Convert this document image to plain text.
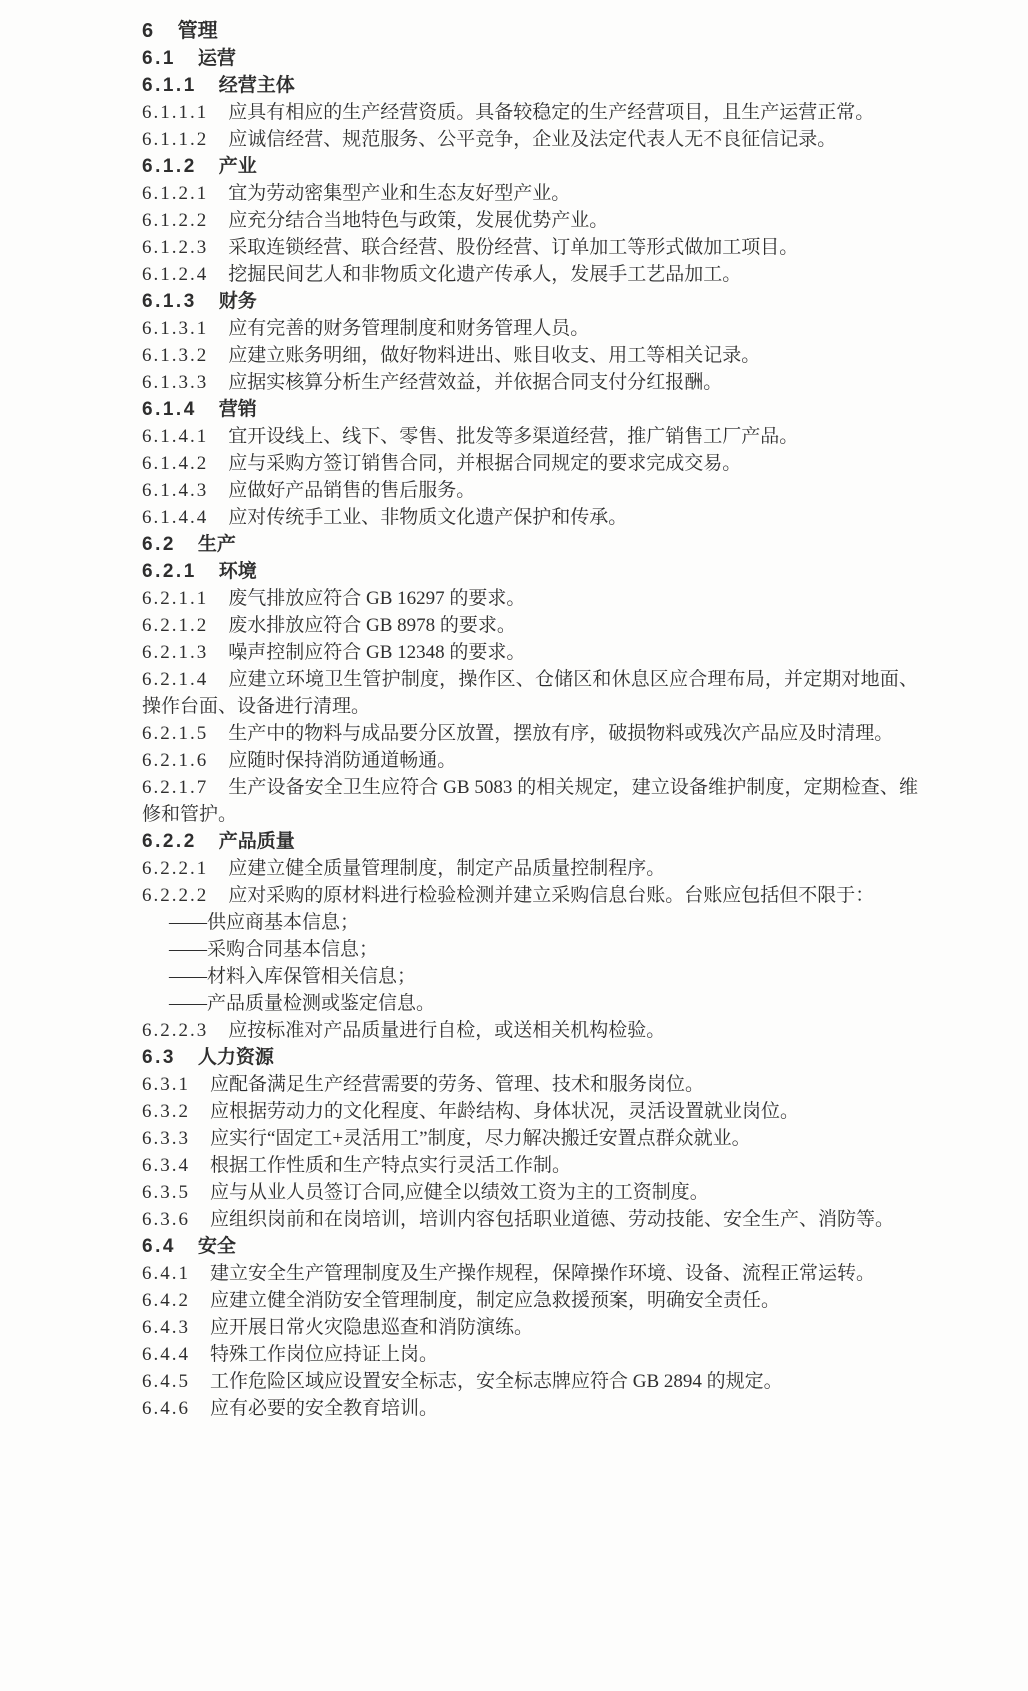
6 管理

6.1 运营

6.1.1 经营主体

6.1.1.1 应具有相应的生产经营资质。具备较稳定的生产经营项目，且生产运营正常。

6.1.1.2 应诚信经营、规范服务、公平竞争，企业及法定代表人无不良征信记录。

6.1.2 产业

6.1.2.1 宜为劳动密集型产业和生态友好型产业。

6.1.2.2 应充分结合当地特色与政策，发展优势产业。

6.1.2.3 采取连锁经营、联合经营、股份经营、订单加工等形式做加工项目。

6.1.2.4 挖掘民间艺人和非物质文化遗产传承人，发展手工艺品加工。

6.1.3 财务

6.1.3.1 应有完善的财务管理制度和财务管理人员。

6.1.3.2 应建立账务明细，做好物料进出、账目收支、用工等相关记录。

6.1.3.3 应据实核算分析生产经营效益，并依据合同支付分红报酬。

6.1.4 营销

6.1.4.1 宜开设线上、线下、零售、批发等多渠道经营，推广销售工厂产品。

6.1.4.2 应与采购方签订销售合同，并根据合同规定的要求完成交易。

6.1.4.3 应做好产品销售的售后服务。

6.1.4.4 应对传统手工业、非物质文化遗产保护和传承。

6.2 生产

6.2.1 环境

6.2.1.1 废气排放应符合 GB 16297 的要求。

6.2.1.2 废水排放应符合 GB 8978 的要求。

6.2.1.3 噪声控制应符合 GB 12348 的要求。

6.2.1.4 应建立环境卫生管护制度，操作区、仓储区和休息区应合理布局，并定期对地面、操作台面、设备进行清理。

6.2.1.5 生产中的物料与成品要分区放置，摆放有序，破损物料或残次产品应及时清理。

6.2.1.6 应随时保持消防通道畅通。

6.2.1.7 生产设备安全卫生应符合 GB 5083 的相关规定，建立设备维护制度，定期检查、维修和管护。

6.2.2 产品质量

6.2.2.1 应建立健全质量管理制度，制定产品质量控制程序。

6.2.2.2 应对采购的原材料进行检验检测并建立采购信息台账。台账应包括但不限于：

——供应商基本信息；

——采购合同基本信息；

——材料入库保管相关信息；

——产品质量检测或鉴定信息。

6.2.2.3 应按标准对产品质量进行自检，或送相关机构检验。

6.3 人力资源

6.3.1 应配备满足生产经营需要的劳务、管理、技术和服务岗位。

6.3.2 应根据劳动力的文化程度、年龄结构、身体状况，灵活设置就业岗位。

6.3.3 应实行“固定工+灵活用工”制度，尽力解决搬迁安置点群众就业。

6.3.4 根据工作性质和生产特点实行灵活工作制。

6.3.5 应与从业人员签订合同,应健全以绩效工资为主的工资制度。

6.3.6 应组织岗前和在岗培训，培训内容包括职业道德、劳动技能、安全生产、消防等。

6.4 安全

6.4.1 建立安全生产管理制度及生产操作规程，保障操作环境、设备、流程正常运转。

6.4.2 应建立健全消防安全管理制度，制定应急救援预案，明确安全责任。

6.4.3 应开展日常火灾隐患巡查和消防演练。

6.4.4 特殊工作岗位应持证上岗。

6.4.5 工作危险区域应设置安全标志，安全标志牌应符合 GB 2894 的规定。

6.4.6 应有必要的安全教育培训。
